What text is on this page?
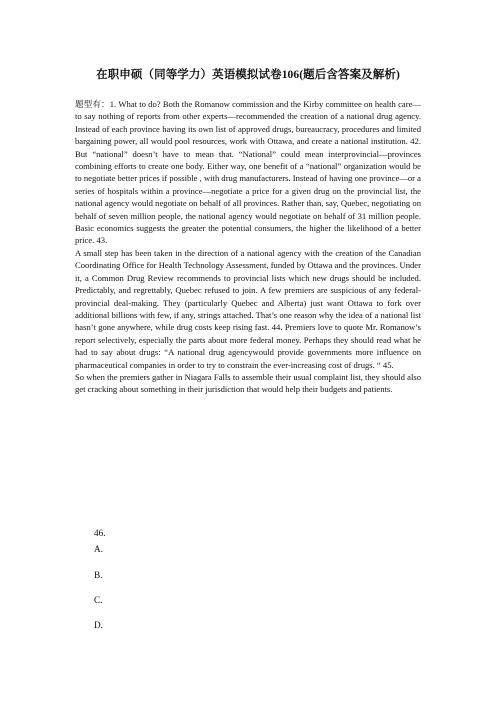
在职申硕（同等学力）英语模拟试卷106(题后含答案及解析)

题型有：1. What to do? Both the Romanow commission and the Kirby committee on health care—to say nothing of reports from other experts—recommended the creation of a national drug agency. Instead of each province having its own list of approved drugs, bureaucracy, procedures and limited bargaining power, all would pool resources, work with Ottawa, and create a national institution. 42. But “national” doesn’t have to mean that. “National” could mean interprovincial—provinces combining efforts to create one body. Either way, one benefit of a “national” organization would be to negotiate better prices if possible , with drug manufacturers. Instead of having one province—or a series of hospitals within a province—negotiate a price for a given drug on the provincial list, the national agency would negotiate on behalf of all provinces. Rather than, say, Quebec, negotiating on behalf of seven million people, the national agency would negotiate on behalf of 31 million people. Basic economics suggests the greater the potential consumers, the higher the likelihood of a better price. 43.

A small step has been taken in the direction of a national agency with the creation of the Canadian Coordinating Office for Health Technology Assessment, funded by Ottawa and the provinces. Under it, a Common Drug Review recommends to provincial lists which new drugs should be included. Predictably, and regrettably, Quebec refused to join. A few premiers are suspicious of any federal-provincial deal-making. They (particularly Quebec and Alberta) just want Ottawa to fork over additional billions with few, if any, strings attached. That’s one reason why the idea of a national list hasn’t gone anywhere, while drug costs keep rising fast. 44. Premiers love to quote Mr. Romanow’s report selectively, especially the parts about more federal money. Perhaps they should read what he had to say about drugs: “A national drug agencywould provide governments more influence on pharmaceutical companies in order to try to constrain the ever-increasing cost of drugs. “ 45.

So when the premiers gather in Niagara Falls to assemble their usual complaint list, they should also get cracking about something in their jurisdiction that would help their budgets and patients.

46.
A.
B.
C.
D.
